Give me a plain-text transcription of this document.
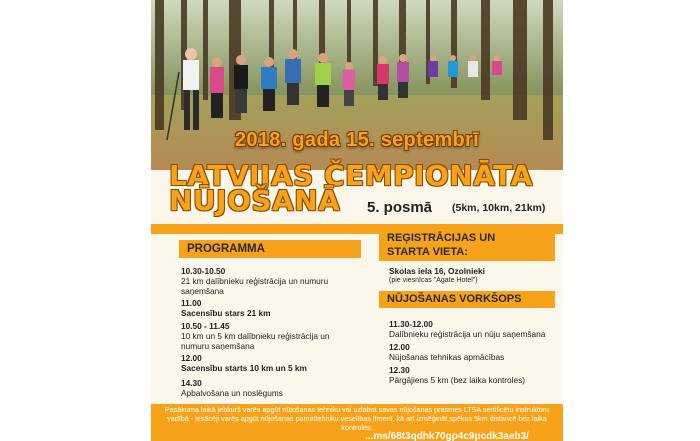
2018. gada 15. septembrī
LATVIJAS ČEMPIONĀTA
NŪJOŠANĀ 5. posmā (5km, 10km, 21km)
PROGRAMMA
REĢISTRĀCIJAS UN
STARTA VIETA:
10.30-10.50
21 km dalībnieku reģistrācija un numuru saņemšana
11.00
Sacensību stars 21 km
10.50 - 11.45
10 km un 5 km dalībnieku reģistrācija un numuru saņemšana
12.00
Sacensību starts 10 km un 5 km
14.30
Apbalvošana un noslēgums
Skolas iela 16, Ozolnieki
(pie viesnīcas "Agate Hotel")
NŪJOŠANAS VORKŠOPS
11.30-12.00
Dalībnieku reģistrācija un nūju saņemšana
12.00
Nūjošanas tehnikas apmācības
12.30
Pārgājiens 5 km (bez laika kontroles)
Pasākuma laikā jebkurš varēs apgūt nūjošanas tehniku vai uzlabot savas nūjošanas prasmes LTSA sertificētu instruktoru vadībā - iesācēji varēs apgūt nūjošanas pamattehniku veselības līmenī, kā arī izmēģināt spēkus 5km distancē bez laika kontroles.
...ms/68t3qdhk70gp4c9pcdk3aeb3/
